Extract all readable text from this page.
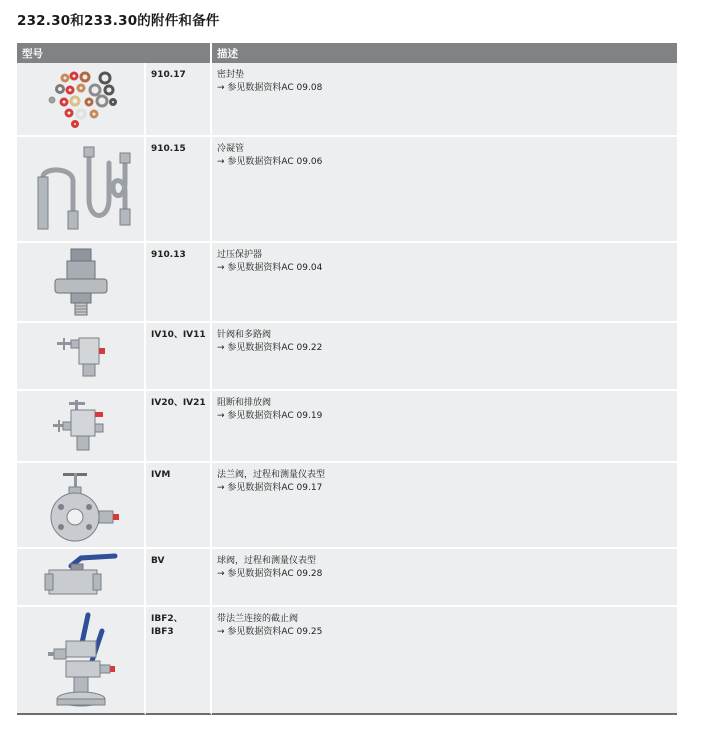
232.30和233.30的附件和备件
型号		描述

	910.17	密封垫
→ 参见数据资料AC 09.08

	910.15	冷凝管
→ 参见数据资料AC 09.06

	910.13	过压保护器
→ 参见数据资料AC 09.04

	IV10、IV11	针阀和多路阀
→ 参见数据资料AC 09.22

	IV20、IV21	阻断和排放阀
→ 参见数据资料AC 09.19

	IVM	法兰阀，过程和测量仪表型
→ 参见数据资料AC 09.17

	BV	球阀，过程和测量仪表型
→ 参见数据资料AC 09.28

	IBF2、
IBF3	带法兰连接的截止阀
→ 参见数据资料AC 09.25
